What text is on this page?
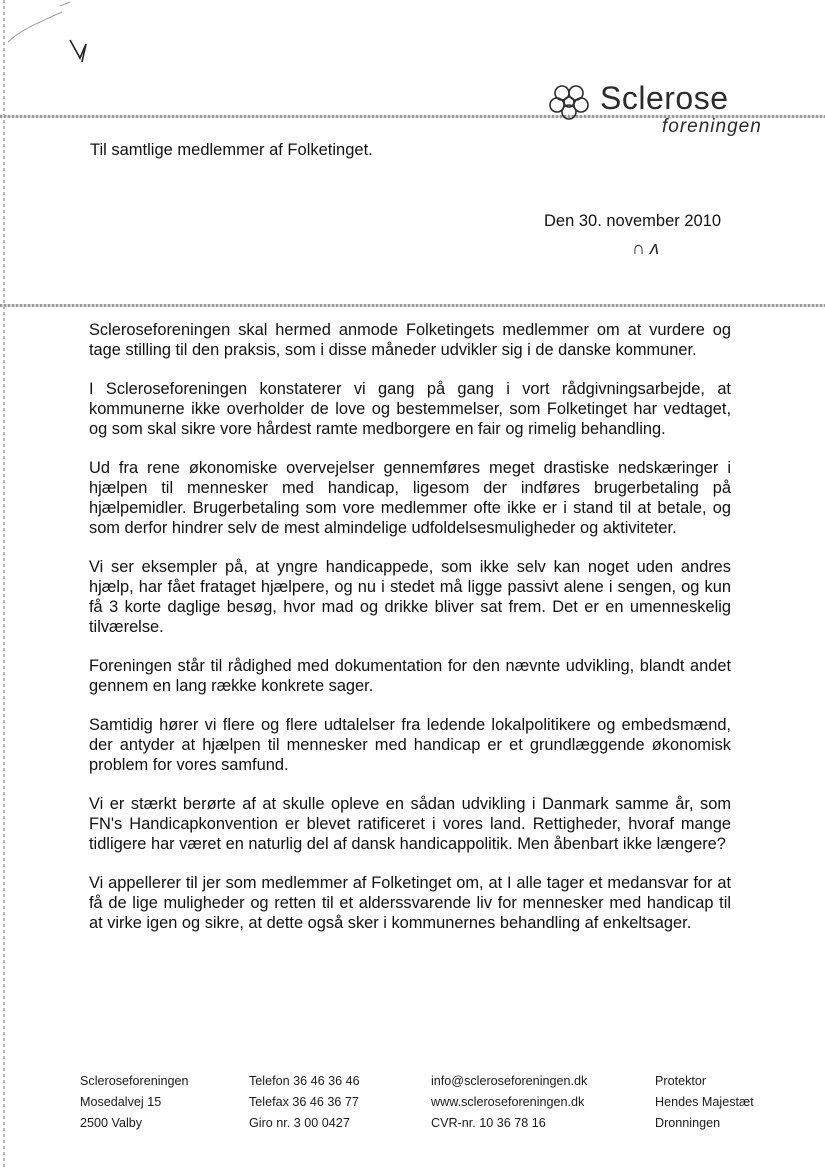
Sclerose
foreningen
Til samtlige medlemmer af Folketinget.
Den 30. november 2010
∩ ʌ

Scleroseforeningen skal hermed anmode Folketingets medlemmer om at vurdere og tage stilling til den praksis, som i disse måneder udvikler sig i de danske kommuner.

I Scleroseforeningen konstaterer vi gang på gang i vort rådgivningsarbejde, at kommunerne ikke overholder de love og bestemmelser, som Folketinget har vedtaget, og som skal sikre vore hårdest ramte medborgere en fair og rimelig behandling.

Ud fra rene økonomiske overvejelser gennemføres meget drastiske nedskæringer i hjælpen til mennesker med handicap, ligesom der indføres brugerbetaling på hjælpemidler. Brugerbetaling som vore medlemmer ofte ikke er i stand til at betale, og som derfor hindrer selv de mest almindelige udfoldelsesmuligheder og aktiviteter.

Vi ser eksempler på, at yngre handicappede, som ikke selv kan noget uden andres hjælp, har fået frataget hjælpere, og nu i stedet må ligge passivt alene i sengen, og kun få 3 korte daglige besøg, hvor mad og drikke bliver sat frem. Det er en umenneskelig tilværelse.

Foreningen står til rådighed med dokumentation for den nævnte udvikling, blandt andet gennem en lang række konkrete sager.

Samtidig hører vi flere og flere udtalelser fra ledende lokalpolitikere og embedsmænd, der antyder at hjælpen til mennesker med handicap er et grundlæggende økonomisk problem for vores samfund.

Vi er stærkt berørte af at skulle opleve en sådan udvikling i Danmark samme år, som FN's Handicapkonvention er blevet ratificeret i vores land. Rettigheder, hvoraf mange tidligere har været en naturlig del af dansk handicappolitik. Men åbenbart ikke længere?

Vi appellerer til jer som medlemmer af Folketinget om, at I alle tager et medansvar for at få de lige muligheder og retten til et alderssvarende liv for mennesker med handicap til at virke igen og sikre, at dette også sker i kommunernes behandling af enkeltsager.

Scleroseforeningen
Mosedalvej 15
2500 Valby
Telefon 36 46 36 46
Telefax 36 46 36 77
Giro nr. 3 00 0427
info@scleroseforeningen.dk
www.scleroseforeningen.dk
CVR-nr. 10 36 78 16
Protektor
Hendes Majestæt
Dronningen
